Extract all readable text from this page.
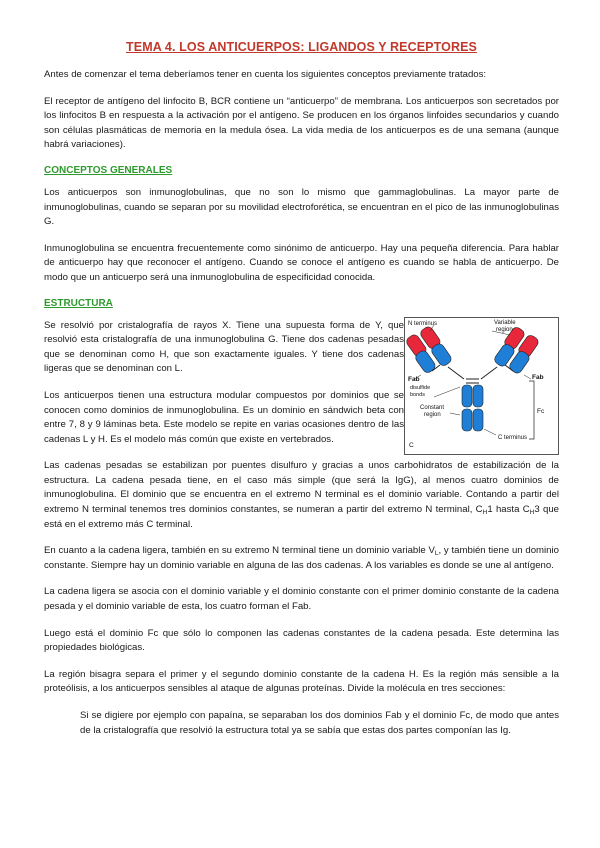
TEMA 4. LOS ANTICUERPOS: LIGANDOS Y RECEPTORES

Antes de comenzar el tema deberíamos tener en cuenta los siguientes conceptos previamente tratados:

El receptor de antígeno del linfocito B, BCR contiene un “anticuerpo” de membrana. Los anticuerpos son secretados por los linfocitos B en respuesta a la activación por el antígeno. Se producen en los órganos linfoides secundarios y cuando son células plasmáticas de memoria en la medula ósea. La vida media de los anticuerpos es de una semana (aunque habrá variaciones).

CONCEPTOS GENERALES

Los anticuerpos son inmunoglobulinas, que no son lo mismo que gammaglobulinas. La mayor parte de inmunoglobulinas, cuando se separan por su movilidad electroforética, se encuentran en el pico de las inmunoglobulinas G.

Inmunoglobulina se encuentra frecuentemente como sinónimo de anticuerpo. Hay una pequeña diferencia. Para hablar de anticuerpo hay que reconocer el antígeno. Cuando se conoce el antígeno es cuando se habla de anticuerpo. De modo que un anticuerpo será una inmunoglobulina de especificidad conocida.

ESTRUCTURA

Se resolvió por cristalografía de rayos X. Tiene una supuesta forma de Y, que resolvió esta cristalografía de una inmunoglobulina G. Tiene dos cadenas pesadas que se denominan como H, que son exactamente iguales. Y tiene dos cadenas ligeras que se denominan con L.

Los anticuerpos tienen una estructura modular compuestos por dominios que se conocen como dominios de inmunoglobulina. Es un dominio en sándwich beta con entre 7, 8 y 9 láminas beta. Este modelo se repite en varias ocasiones dentro de las cadenas L y H. Es el modelo más común que existe en vertebrados.

N terminus	Variable
region
Fab	Fab
disulfide
bonds
Constant
region	Fc
C terminus
C

Las cadenas pesadas se estabilizan por puentes disulfuro y gracias a unos carbohidratos de estabilización de la estructura. La cadena pesada tiene, en el caso más simple (que será la IgG), al menos cuatro dominios de inmunoglobulina. El dominio que se encuentra en el extremo N terminal es el dominio variable. Contando a partir del extremo N terminal tenemos tres dominios constantes, se numeran a partir del extremo N terminal, $C_H1$ hasta $C_H3$ que está en el extremo más C terminal.

En cuanto a la cadena ligera, también en su extremo N terminal tiene un dominio variable $V_L$, y también tiene un dominio constante. Siempre hay un dominio variable en alguna de las dos cadenas. A los variables es donde se une al antígeno.

La cadena ligera se asocia con el dominio variable y el dominio constante con el primer dominio constante de la cadena pesada y el dominio variable de esta, los cuatro forman el Fab.

Luego está el dominio Fc que sólo lo componen las cadenas constantes de la cadena pesada. Este determina las propiedades biológicas.

La región bisagra separa el primer y el segundo dominio constante de la cadena H. Es la región más sensible a la proteólisis, a los anticuerpos sensibles al ataque de algunas proteínas. Divide la molécula en tres secciones:

Si se digiere por ejemplo con papaína, se separaban los dos dominios Fab y el dominio Fc, de modo que antes de la cristalografía que resolvió la estructura total ya se sabía que estas dos partes componían las Ig.
